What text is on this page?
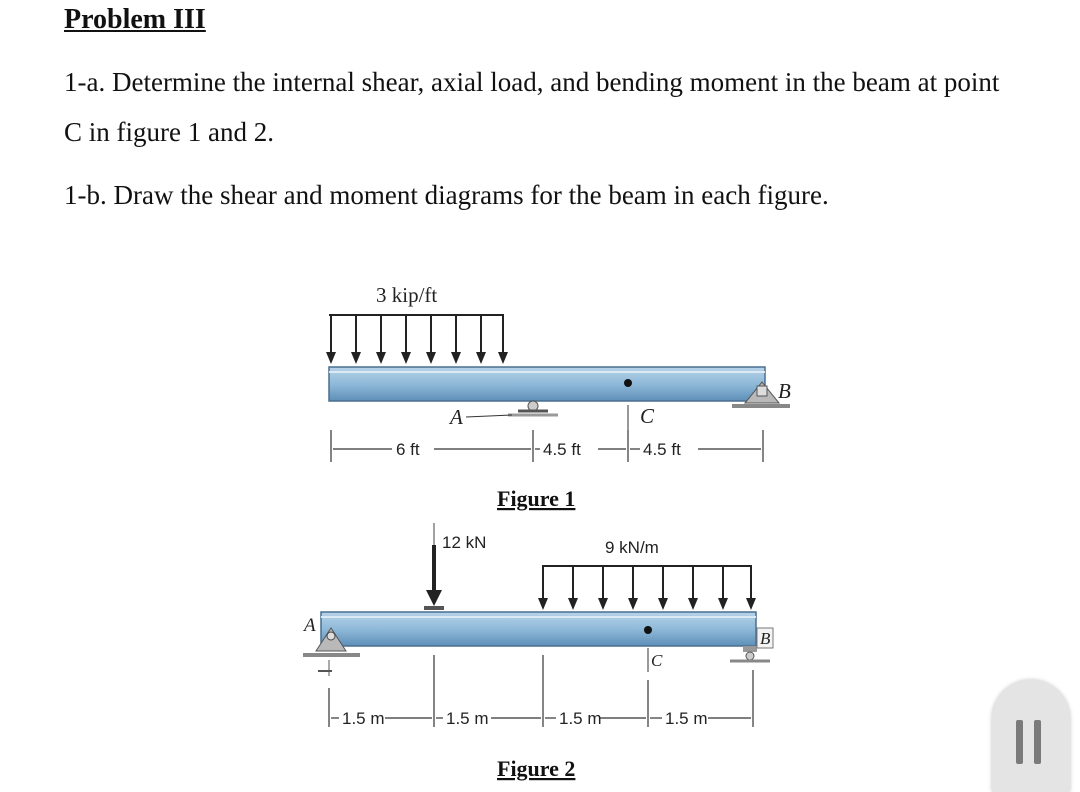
Problem III

1-a. Determine the internal shear, axial load, and bending moment in the beam at point C in figure 1 and 2.

1-b. Draw the shear and moment diagrams for the beam in each figure.

3 kip/ft
A
B
C
6 ft	4.5 ft	4.5 ft
Figure 1
12 kN	9 kN/m
A
B
C
1.5 m	1.5 m	1.5 m	1.5 m
Figure 2
